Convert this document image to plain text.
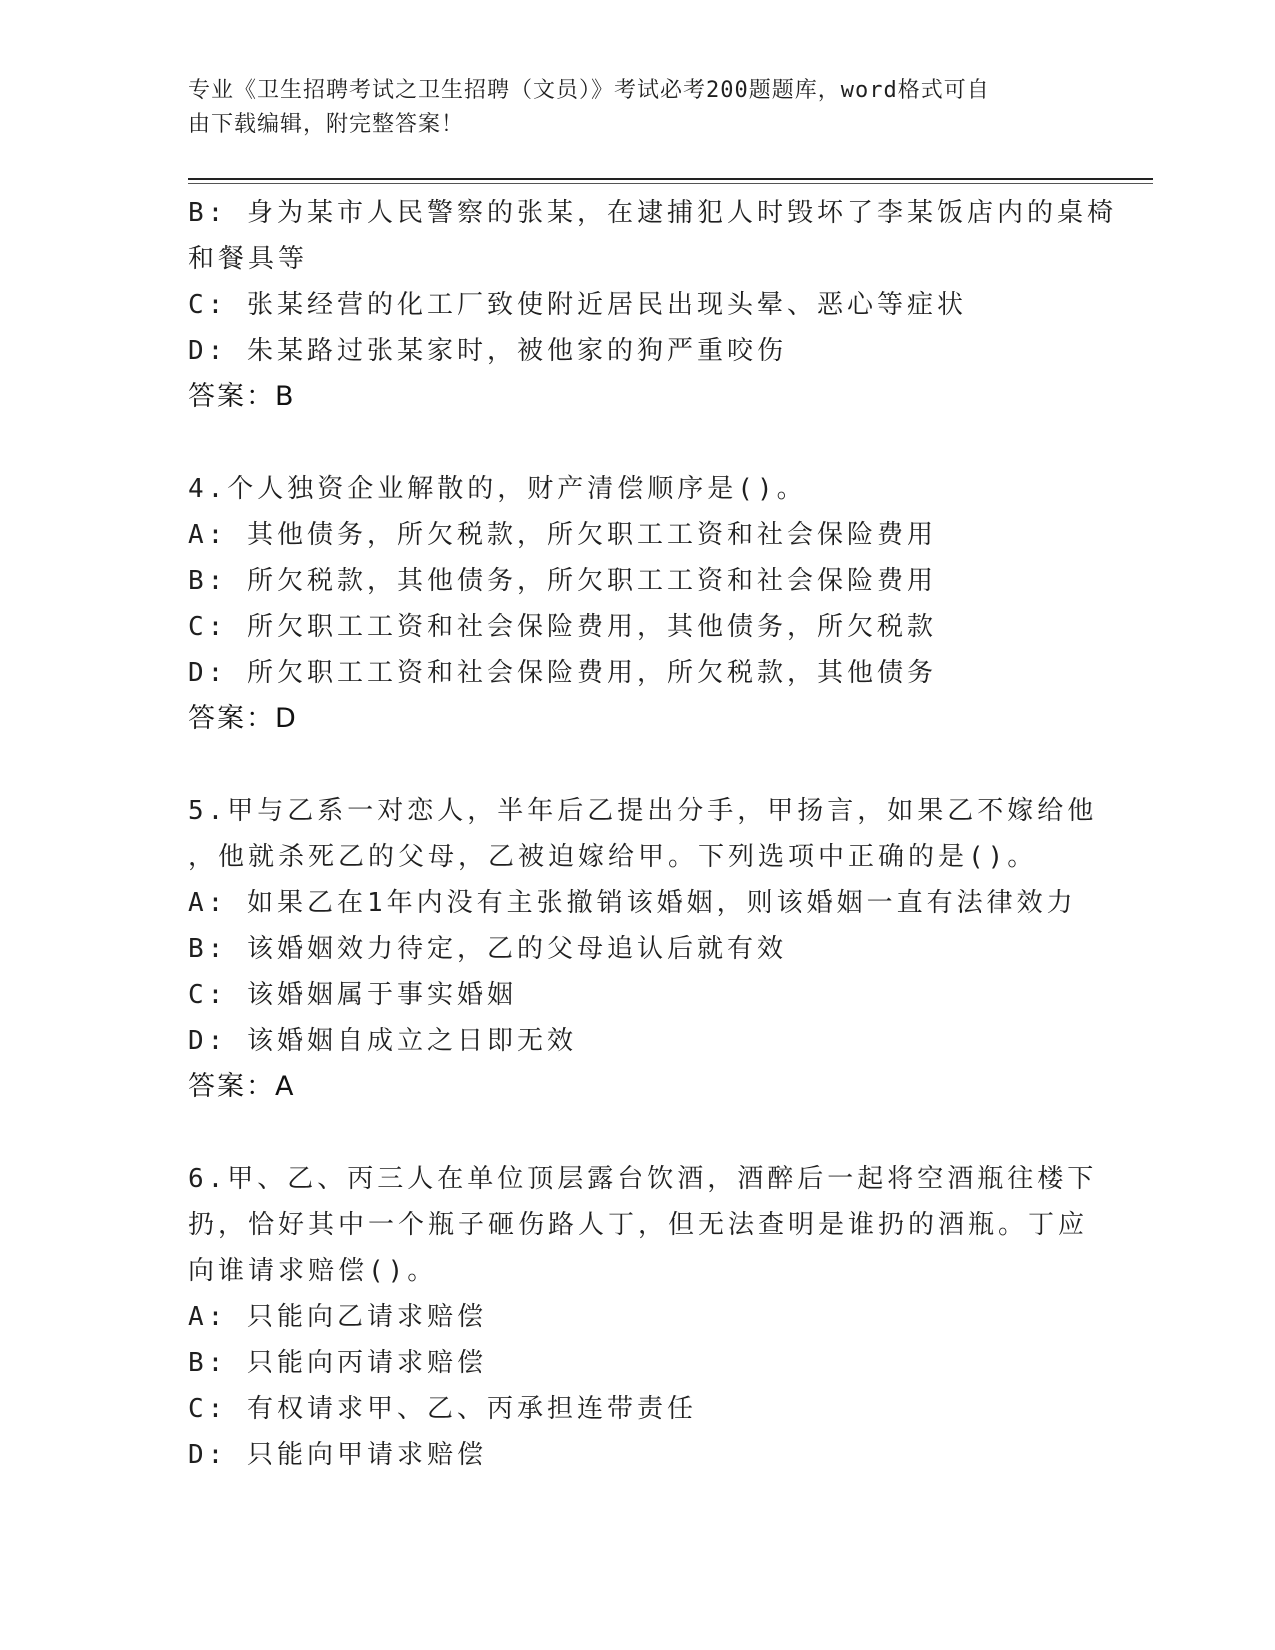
专业《卫生招聘考试之卫生招聘（文员）》考试必考200题题库，word格式可自
由下载编辑，附完整答案！
B: 身为某市人民警察的张某，在逮捕犯人时毁坏了李某饭店内的桌椅
和餐具等
C: 张某经营的化工厂致使附近居民出现头晕、恶心等症状
D: 朱某路过张某家时，被他家的狗严重咬伤
答案：B
4.个人独资企业解散的，财产清偿顺序是()。
A: 其他债务，所欠税款，所欠职工工资和社会保险费用
B: 所欠税款，其他债务，所欠职工工资和社会保险费用
C: 所欠职工工资和社会保险费用，其他债务，所欠税款
D: 所欠职工工资和社会保险费用，所欠税款，其他债务
答案：D
5.甲与乙系一对恋人，半年后乙提出分手，甲扬言，如果乙不嫁给他
，他就杀死乙的父母，乙被迫嫁给甲。下列选项中正确的是()。
A: 如果乙在1年内没有主张撤销该婚姻，则该婚姻一直有法律效力
B: 该婚姻效力待定，乙的父母追认后就有效
C: 该婚姻属于事实婚姻
D: 该婚姻自成立之日即无效
答案：A
6.甲、乙、丙三人在单位顶层露台饮酒，酒醉后一起将空酒瓶往楼下
扔，恰好其中一个瓶子砸伤路人丁，但无法查明是谁扔的酒瓶。丁应
向谁请求赔偿()。
A: 只能向乙请求赔偿
B: 只能向丙请求赔偿
C: 有权请求甲、乙、丙承担连带责任
D: 只能向甲请求赔偿
